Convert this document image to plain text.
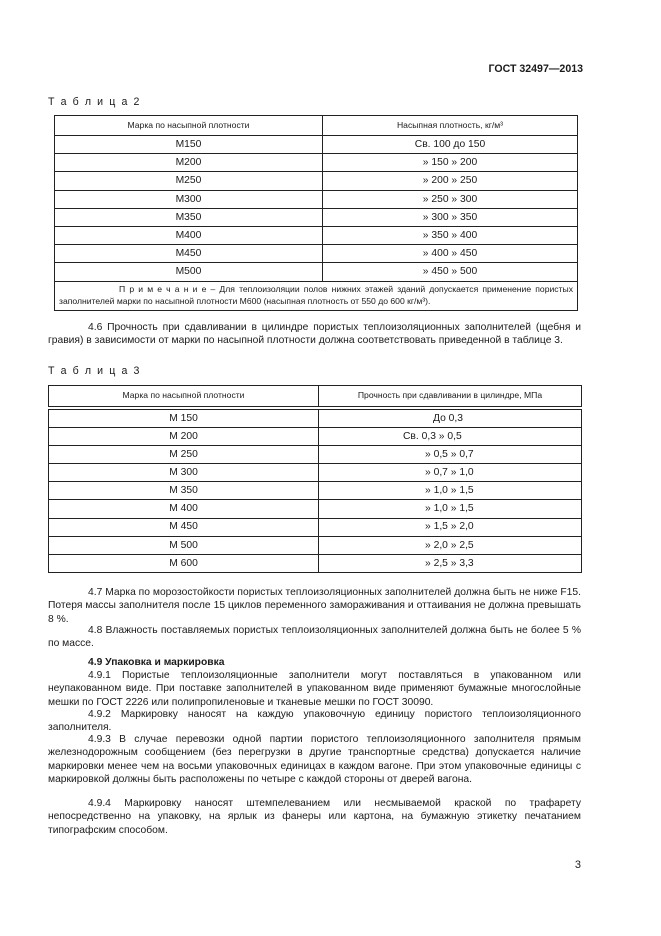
ГОСТ 32497—2013
Т а б л и ц а 2
Марка по насыпной плотности	Насыпная плотность, кг/м³
М150	Св. 100 до 150
М200	» 150 » 200
М250	» 200 » 250
М300	» 250 » 300
М350	» 300 » 350
М400	» 350 » 400
М450	» 400 » 450
М500	» 450 » 500
П р и м е ч а н и е – Для теплоизоляции полов нижних этажей зданий допускается применение пористых заполнителей марки по насыпной плотности М600 (насыпная плотность от 550 до 600 кг/м³).	
4.6 Прочность при сдавливании в цилиндре пористых теплоизоляционных заполнителей (щебня и гравия) в зависимости от марки по насыпной плотности должна соответствовать приведенной в таблице 3.
Т а б л и ц а 3
Марка по насыпной плотности	Прочность при сдавливании в цилиндре, МПа

М 150	До 0,3
М 200	Св. 0,3 » 0,5
М 250	» 0,5 » 0,7
М 300	» 0,7 » 1,0
М 350	» 1,0 » 1,5
М 400	» 1,0 » 1,5
М 450	» 1,5 » 2,0
М 500	» 2,0 » 2,5
М 600	» 2,5 » 3,3
4.7 Марка по морозостойкости пористых теплоизоляционных заполнителей должна быть не ниже F15. Потеря массы заполнителя после 15 циклов переменного замораживания и оттаивания не должна превышать 8 %.
4.8 Влажность поставляемых пористых теплоизоляционных заполнителей должна быть не более 5 % по массе.
4.9 Упаковка и маркировка
4.9.1 Пористые теплоизоляционные заполнители могут поставляться в упакованном или неупакованном виде. При поставке заполнителей в упакованном виде применяют бумажные многослойные мешки по ГОСТ 2226 или полипропиленовые и тканевые мешки по ГОСТ 30090.
4.9.2 Маркировку наносят на каждую упаковочную единицу пористого теплоизоляционного заполнителя.
4.9.3 В случае перевозки одной партии пористого теплоизоляционного заполнителя прямым железнодорожным сообщением (без перегрузки в другие транспортные средства) допускается наличие маркировки менее чем на восьми упаковочных единицах в каждом вагоне. При этом упаковочные единицы с маркировкой должны быть расположены по четыре с каждой стороны от дверей вагона.
4.9.4 Маркировку наносят штемпелеванием или несмываемой краской по трафарету непосредственно на упаковку, на ярлык из фанеры или картона, на бумажную этикетку печатанием типографским способом.
3
